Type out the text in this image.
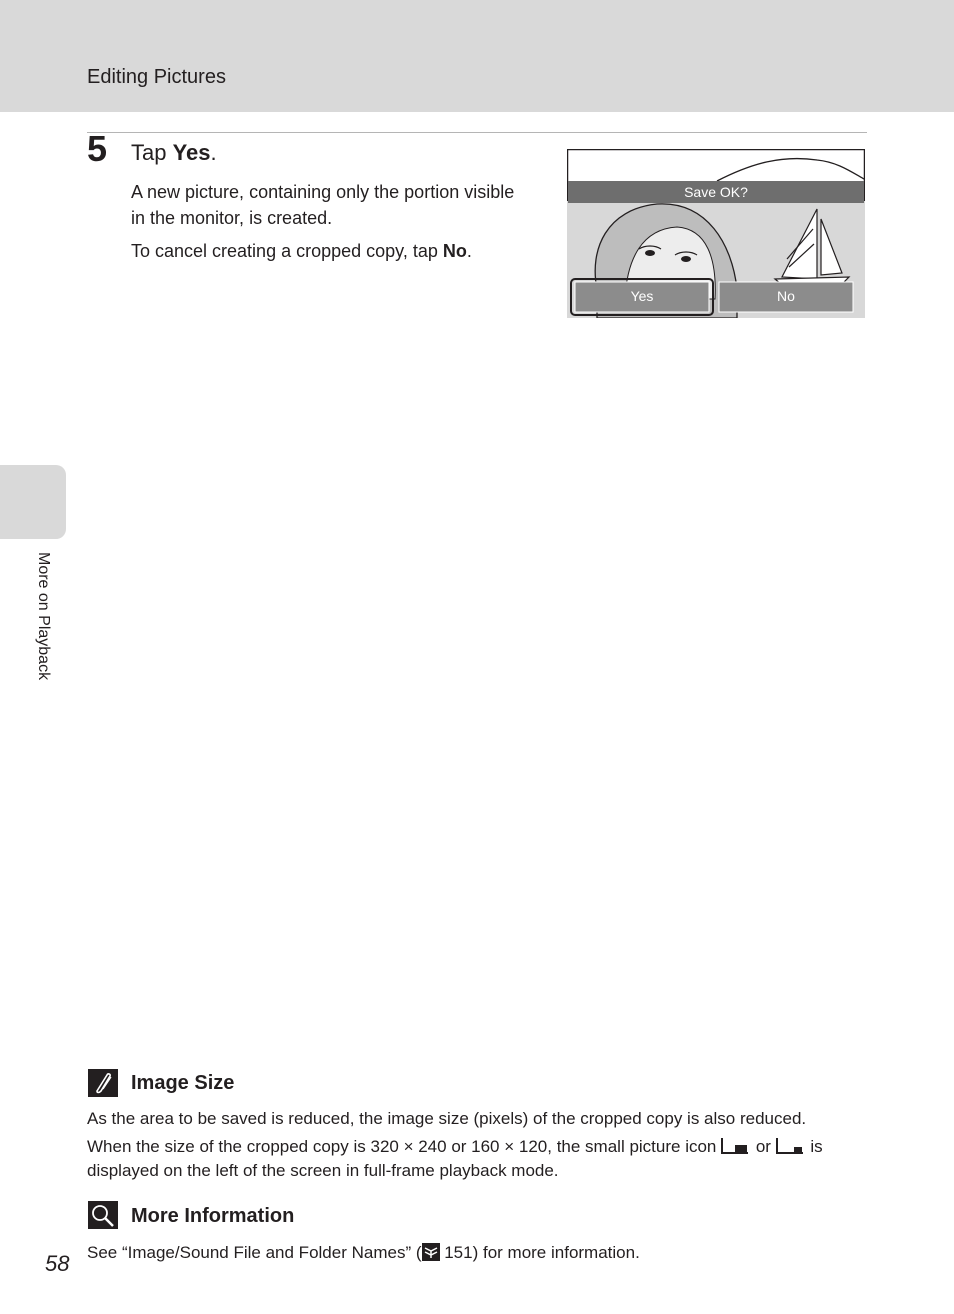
Editing Pictures
5 Tap Yes.
A new picture, containing only the portion visible in the monitor, is created.
To cancel creating a cropped copy, tap No.
Save OK?
Yes	No
More on Playback
Image Size
As the area to be saved is reduced, the image size (pixels) of the cropped copy is also reduced.
When the size of the cropped copy is 320 × 240 or 160 × 120, the small picture icon  or  is displayed on the left of the screen in full-frame playback mode.
More Information
See “Image/Sound File and Folder Names” ( 151) for more information.
58
